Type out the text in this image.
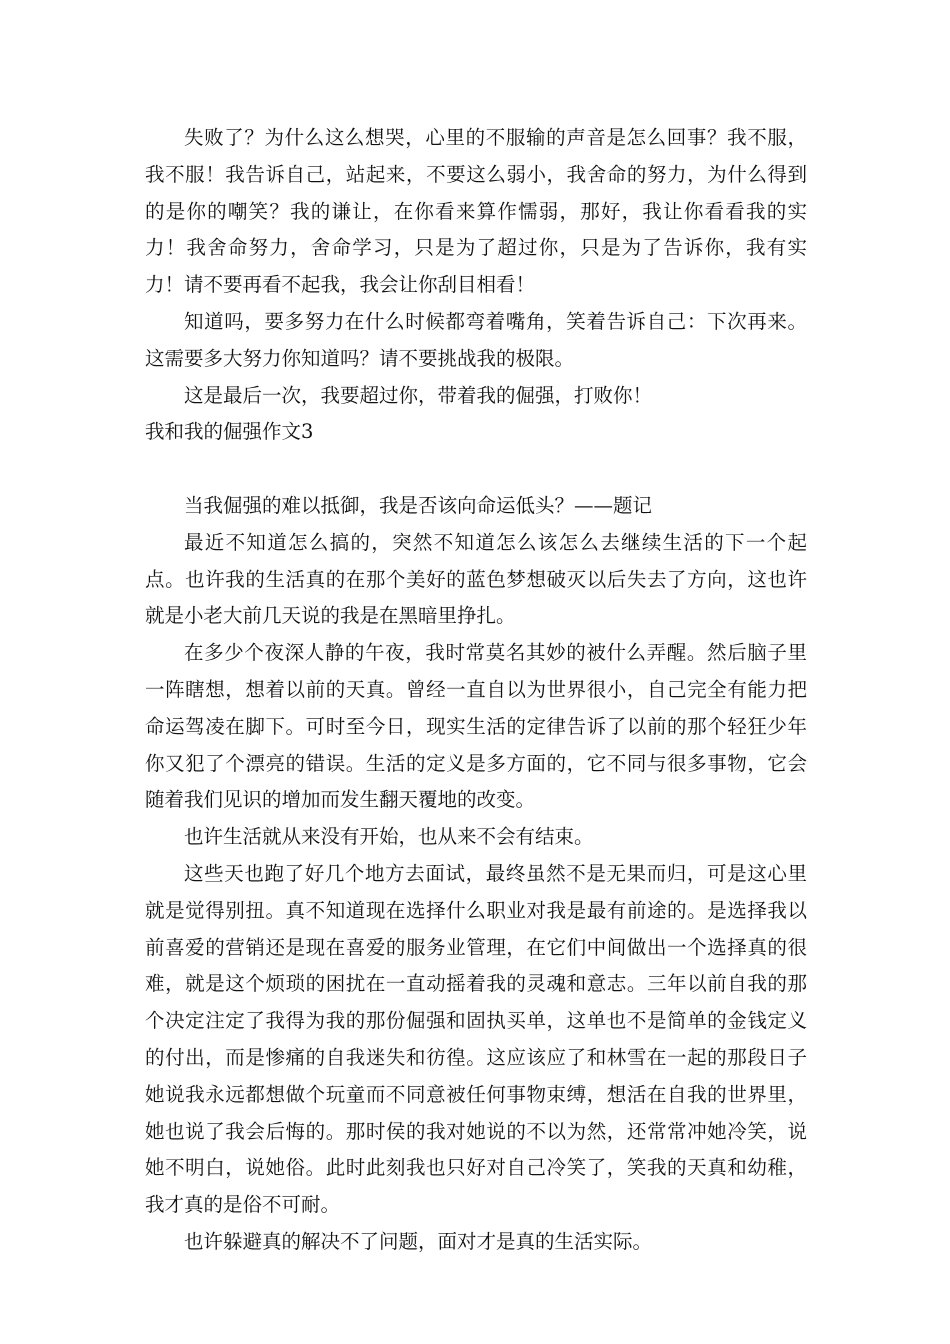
失败了？为什么这么想哭，心里的不服输的声音是怎么回事？我不服，我不服！我告诉自己，站起来，不要这么弱小，我舍命的努力，为什么得到的是你的嘲笑？我的谦让，在你看来算作懦弱，那好，我让你看看我的实力！我舍命努力，舍命学习，只是为了超过你，只是为了告诉你，我有实力！请不要再看不起我，我会让你刮目相看！

知道吗，要多努力在什么时候都弯着嘴角，笑着告诉自己：下次再来。这需要多大努力你知道吗？请不要挑战我的极限。

这是最后一次，我要超过你，带着我的倔强，打败你！

我和我的倔强作文3

当我倔强的难以抵御，我是否该向命运低头？——题记

最近不知道怎么搞的，突然不知道怎么该怎么去继续生活的下一个起点。也许我的生活真的在那个美好的蓝色梦想破灭以后失去了方向，这也许就是小老大前几天说的我是在黑暗里挣扎。

在多少个夜深人静的午夜，我时常莫名其妙的被什么弄醒。然后脑子里一阵瞎想，想着以前的天真。曾经一直自以为世界很小，自己完全有能力把命运驾凌在脚下。可时至今日，现实生活的定律告诉了以前的那个轻狂少年你又犯了个漂亮的错误。生活的定义是多方面的，它不同与很多事物，它会随着我们见识的增加而发生翻天覆地的改变。

也许生活就从来没有开始，也从来不会有结束。

这些天也跑了好几个地方去面试，最终虽然不是无果而归，可是这心里就是觉得别扭。真不知道现在选择什么职业对我是最有前途的。是选择我以前喜爱的营销还是现在喜爱的服务业管理，在它们中间做出一个选择真的很难，就是这个烦琐的困扰在一直动摇着我的灵魂和意志。三年以前自我的那个决定注定了我得为我的那份倔强和固执买单，这单也不是简单的金钱定义的付出，而是惨痛的自我迷失和彷徨。这应该应了和林雪在一起的那段日子她说我永远都想做个玩童而不同意被任何事物束缚，想活在自我的世界里，她也说了我会后悔的。那时侯的我对她说的不以为然，还常常冲她冷笑，说她不明白，说她俗。此时此刻我也只好对自己冷笑了，笑我的天真和幼稚，我才真的是俗不可耐。

也许躲避真的解决不了问题，面对才是真的生活实际。
